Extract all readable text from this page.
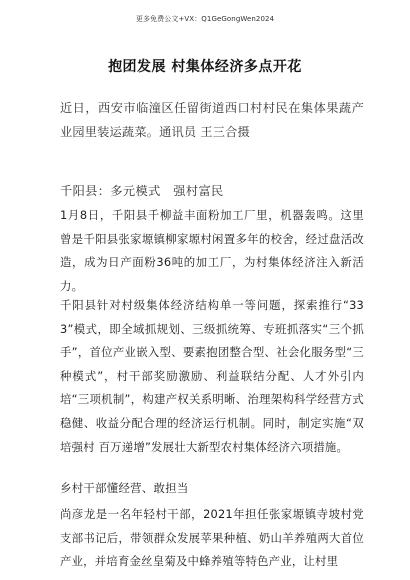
更多免费公文+VX：Q1GeGongWen2024
抱团发展 村集体经济多点开花
近日，西安市临潼区任留街道西口村村民在集体果蔬产业园里装运蔬菜。通讯员 王三合摄
千阳县：多元模式　强村富民
1月8日，千阳县千柳益丰面粉加工厂里，机器轰鸣。这里曾是千阳县张家塬镇柳家塬村闲置多年的校舍，经过盘活改造，成为日产面粉36吨的加工厂，为村集体经济注入新活力。
千阳县针对村级集体经济结构单一等问题，探索推行“333”模式，即全域抓规划、三级抓统筹、专班抓落实“三个抓手”，首位产业嵌入型、要素抱团整合型、社会化服务型“三种模式”，村干部奖励激励、利益联结分配、人才外引内培“三项机制”，构建产权关系明晰、治理架构科学经营方式稳健、收益分配合理的经济运行机制。同时，制定实施“双培强村 百万递增”发展壮大新型农村集体经济六项措施。
乡村干部懂经营、敢担当
尚彦龙是一名年轻村干部，2021年担任张家塬镇寺坡村党支部书记后，带领群众发展苹果种植、奶山羊养殖两大首位产业，并培育金丝皇菊及中蜂养殖等特色产业，让村里
